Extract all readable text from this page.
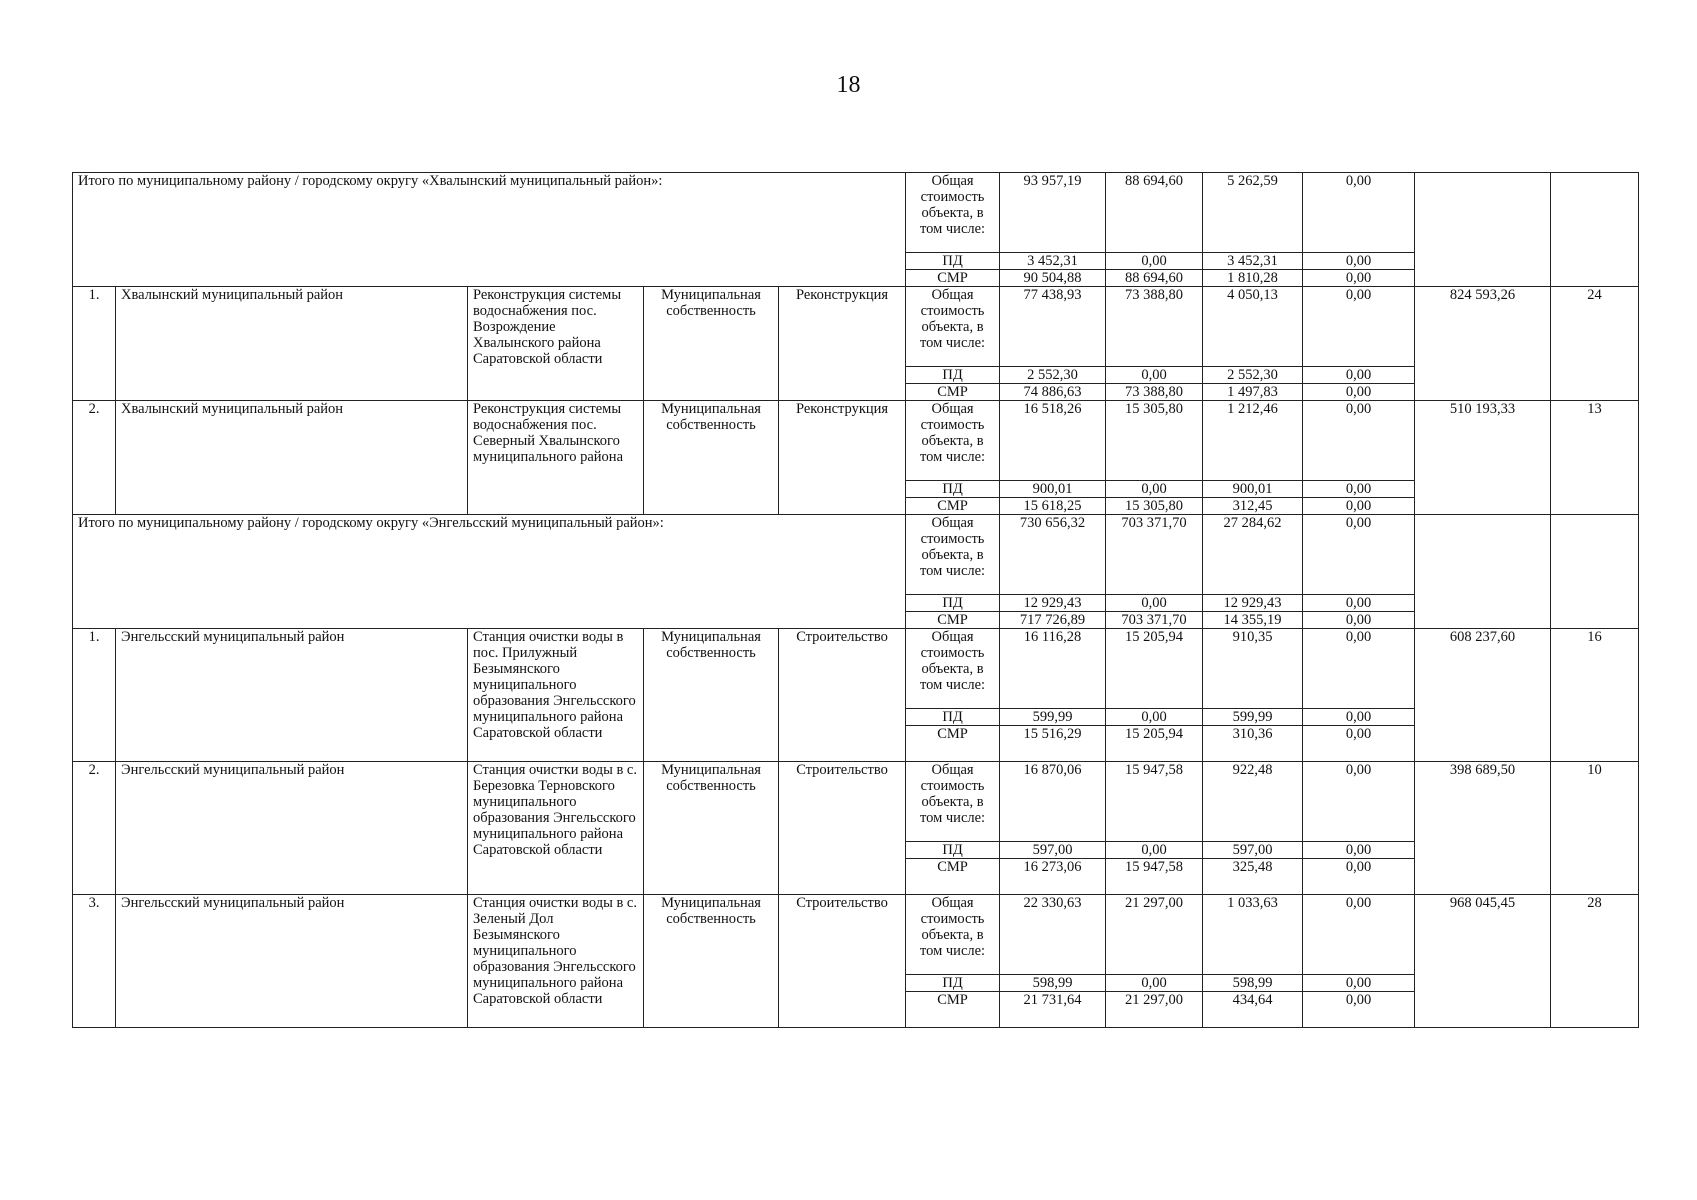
18
Итого по муниципальному району / городскому округу «Хвалынский муниципальный район»:					Общая стоимость объекта, в том числе:	93 957,19	88 694,60	5 262,59	0,00		
					ПД	3 452,31	0,00	3 452,31	0,00		
					СМР	90 504,88	88 694,60	1 810,28	0,00		
1.	Хвалынский муниципальный район	Реконструкция системы водоснабжения пос. Возрождение Хвалынского района Саратовской области	Муниципальная собственность	Реконструкция	Общая стоимость объекта, в том числе:	77 438,93	73 388,80	4 050,13	0,00	824 593,26	24
					ПД	2 552,30	0,00	2 552,30	0,00		
					СМР	74 886,63	73 388,80	1 497,83	0,00		
2.	Хвалынский муниципальный район	Реконструкция системы водоснабжения пос. Северный Хвалынского муниципального района	Муниципальная собственность	Реконструкция	Общая стоимость объекта, в том числе:	16 518,26	15 305,80	1 212,46	0,00	510 193,33	13
					ПД	900,01	0,00	900,01	0,00		
					СМР	15 618,25	15 305,80	312,45	0,00		
Итого по муниципальному району / городскому округу «Энгельсский муниципальный район»:					Общая стоимость объекта, в том числе:	730 656,32	703 371,70	27 284,62	0,00		
					ПД	12 929,43	0,00	12 929,43	0,00		
					СМР	717 726,89	703 371,70	14 355,19	0,00		
1.	Энгельсский муниципальный район	Станция очистки воды в пос. Прилужный Безымянского муниципального образования Энгельсского муниципального района Саратовской области	Муниципальная собственность	Строительство	Общая стоимость объекта, в том числе:	16 116,28	15 205,94	910,35	0,00	608 237,60	16
					ПД	599,99	0,00	599,99	0,00		
					СМР	15 516,29	15 205,94	310,36	0,00		
2.	Энгельсский муниципальный район	Станция очистки воды в с. Березовка Терновского муниципального образования Энгельсского муниципального района Саратовской области	Муниципальная собственность	Строительство	Общая стоимость объекта, в том числе:	16 870,06	15 947,58	922,48	0,00	398 689,50	10
					ПД	597,00	0,00	597,00	0,00		
					СМР	16 273,06	15 947,58	325,48	0,00		
3.	Энгельсский муниципальный район	Станция очистки воды в с. Зеленый Дол Безымянского муниципального образования Энгельсского муниципального района Саратовской области	Муниципальная собственность	Строительство	Общая стоимость объекта, в том числе:	22 330,63	21 297,00	1 033,63	0,00	968 045,45	28
					ПД	598,99	0,00	598,99	0,00		
					СМР	21 731,64	21 297,00	434,64	0,00		
